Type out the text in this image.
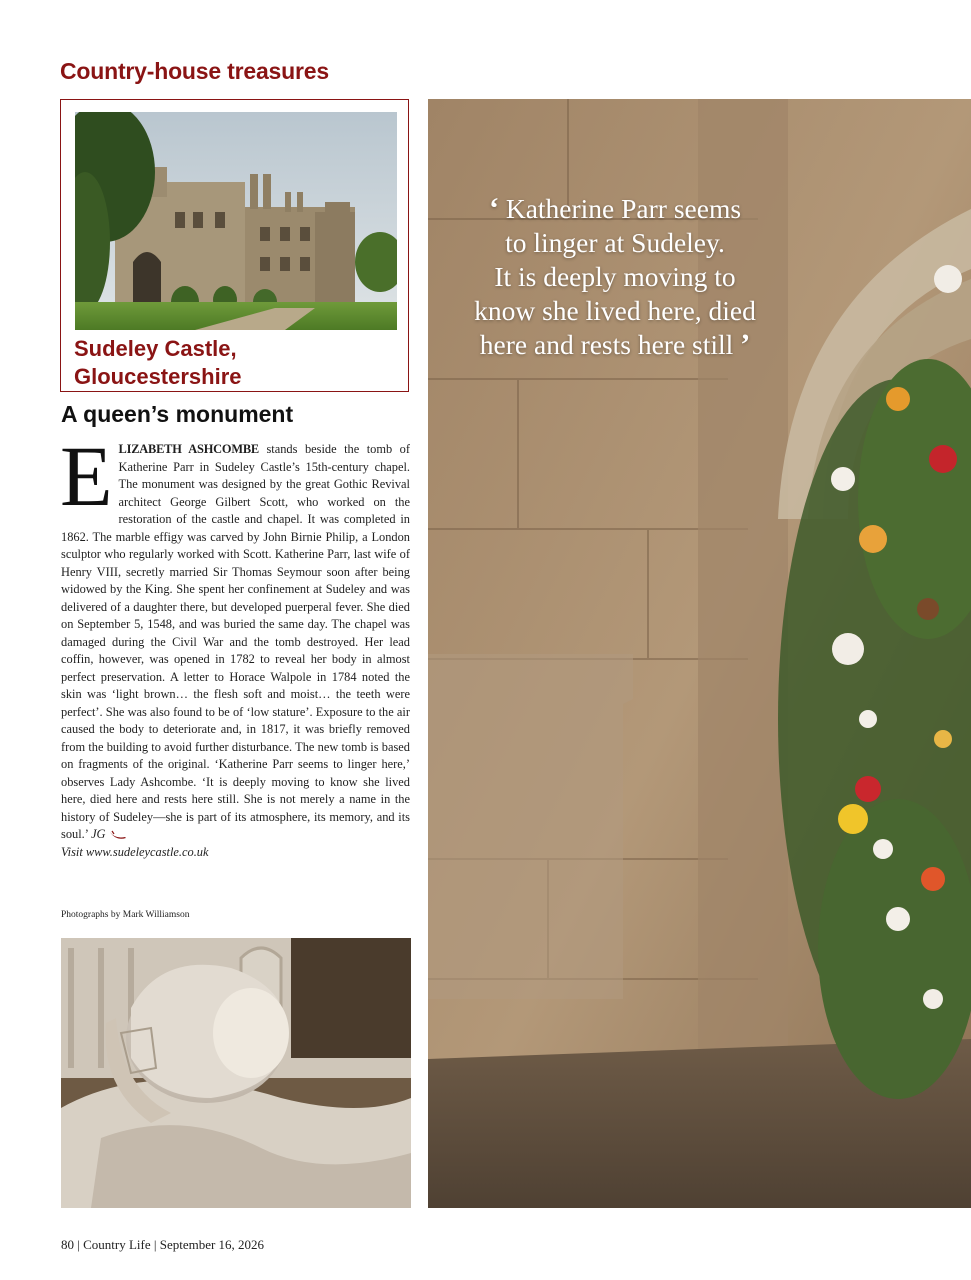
Country-house treasures
Sudeley Castle,
Gloucestershire
A queen’s monument
ELIZABETH ASHCOMBE stands beside the tomb of Katherine Parr in Sudeley Castle’s 15th-century chapel. The monument was designed by the great Gothic Revival architect George Gilbert Scott, who worked on the restoration of the castle and chapel. It was completed in 1862. The marble effigy was carved by John Birnie Philip, a London sculptor who regularly worked with Scott. Katherine Parr, last wife of Henry VIII, secretly married Sir Thomas Seymour soon after being widowed by the King. She spent her confinement at Sudeley and was delivered of a daughter there, but developed puerperal fever. She died on September 5, 1548, and was buried the same day. The chapel was damaged during the Civil War and the tomb destroyed. Her lead coffin, however, was opened in 1782 to reveal her body in almost perfect preservation. A letter to Horace Walpole in 1784 noted the skin was ‘light brown… the flesh soft and moist… the teeth were perfect’. She was also found to be of ‘low stature’. Exposure to the air caused the body to deteriorate and, in 1817, it was briefly removed from the building to avoid further disturbance. The new tomb is based on fragments of the original. ‘Katherine Parr seems to linger here,’ observes Lady Ashcombe. ‘It is deeply moving to know she lived here, died here and rests here still. She is not merely a name in the history of Sudeley—she is part of its atmosphere, its memory, and its soul.’ JG
Visit www.sudeleycastle.co.uk
Photographs by Mark Williamson
‘ Katherine Parr seems
to linger at Sudeley.
It is deeply moving to
know she lived here, died
here and rests here still ’
80 | Country Life | September 16, 2026
